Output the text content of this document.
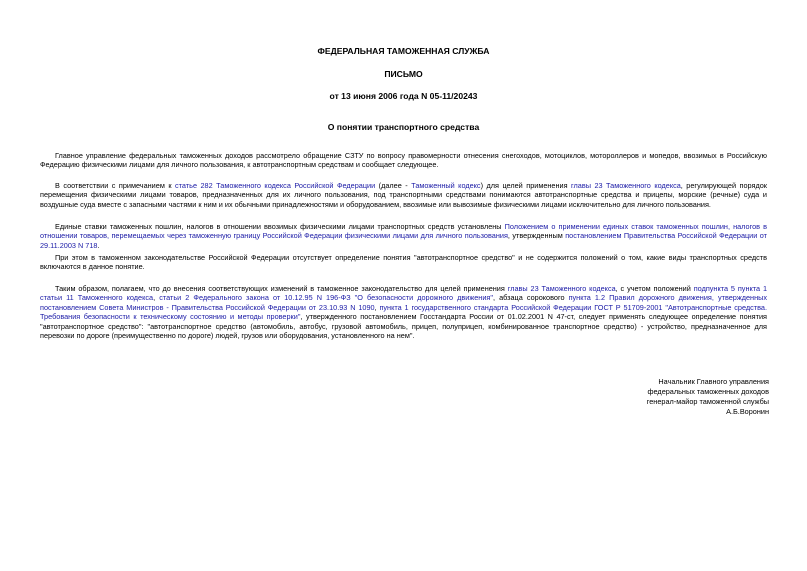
ФЕДЕРАЛЬНАЯ ТАМОЖЕННАЯ СЛУЖБА
ПИСЬМО
от 13 июня 2006 года N 05-11/20243
О понятии транспортного средства
Главное управление федеральных таможенных доходов рассмотрело обращение СЗТУ по вопросу правомерности отнесения снегоходов, мотоциклов, мотороллеров и мопедов, ввозимых в Российскую Федерацию физическими лицами для личного пользования, к автотранспортным средствам и сообщает следующее.
В соответствии с примечанием к статье 282 Таможенного кодекса Российской Федерации (далее - Таможенный кодекс) для целей применения главы 23 Таможенного кодекса, регулирующей порядок перемещения физическими лицами товаров, предназначенных для их личного пользования, под транспортными средствами понимаются автотранспортные средства и прицепы, морские (речные) суда и воздушные суда вместе с запасными частями к ним и их обычными принадлежностями и оборудованием, ввозимые или вывозимые физическими лицами исключительно для личного пользования.
Единые ставки таможенных пошлин, налогов в отношении ввозимых физическими лицами транспортных средств установлены Положением о применении единых ставок таможенных пошлин, налогов в отношении товаров, перемещаемых через таможенную границу Российской Федерации физическими лицами для личного пользования, утвержденным постановлением Правительства Российской Федерации от 29.11.2003 N 718.
При этом в таможенном законодательстве Российской Федерации отсутствует определение понятия "автотранспортное средство" и не содержится положений о том, какие виды транспортных средств включаются в данное понятие.
Таким образом, полагаем, что до внесения соответствующих изменений в таможенное законодательство для целей применения главы 23 Таможенного кодекса, с учетом положений подпункта 5 пункта 1 статьи 11 Таможенного кодекса, статьи 2 Федерального закона от 10.12.95 N 196-ФЗ "О безопасности дорожного движения", абзаца сорокового пункта 1.2 Правил дорожного движения, утвержденных постановлением Совета Министров - Правительства Российской Федерации от 23.10.93 N 1090, пункта 1 государственного стандарта Российской Федерации ГОСТ Р 51709-2001 "Автотранспортные средства. Требования безопасности к техническому состоянию и методы проверки", утвержденного постановлением Госстандарта России от 01.02.2001 N 47-ст, следует применять следующее определение понятия "автотранспортное средство": "автотранспортное средство (автомобиль, автобус, грузовой автомобиль, прицеп, полуприцеп, комбинированное транспортное средство) - устройство, предназначенное для перевозки по дороге (преимущественно по дороге) людей, грузов или оборудования, установленного на нем".
Начальник Главного управления
федеральных таможенных доходов
генерал-майор таможенной службы
А.Б.Воронин
